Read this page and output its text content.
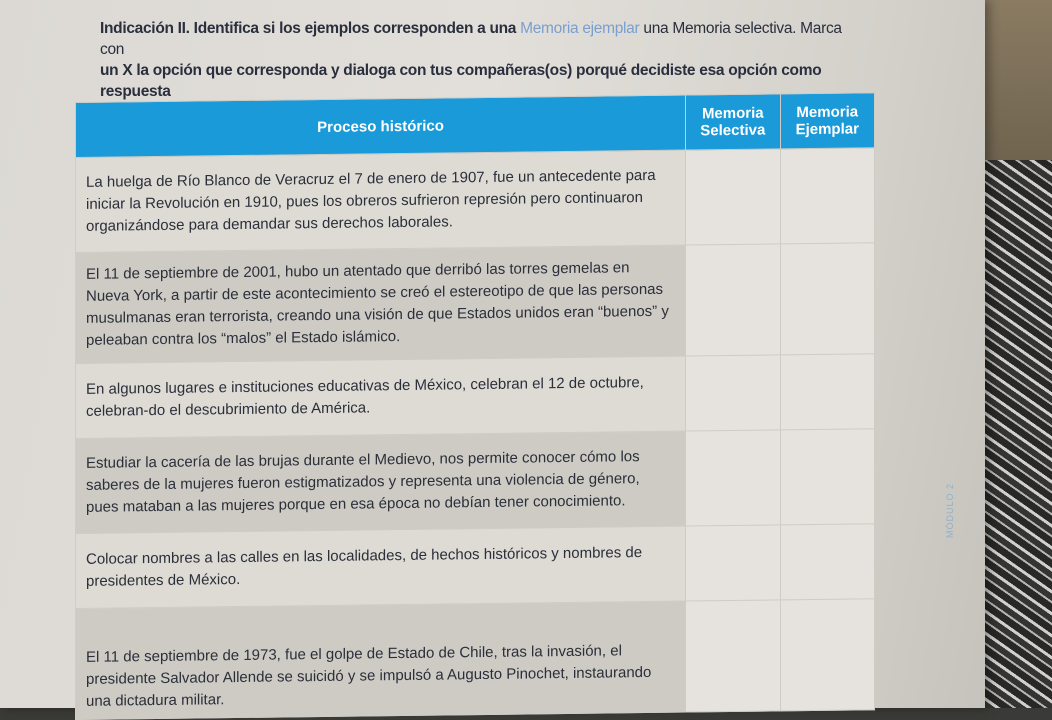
Indicación II. Identifica si los ejemplos corresponden a una Memoria ejemplar una Memoria selectiva. Marca con
un X la opción que corresponda y dialoga con tus compañeras(os) porqué decidiste esa opción como respuesta
Proceso histórico	Memoria Selectiva	Memoria Ejemplar
La huelga de Río Blanco de Veracruz el 7 de enero de 1907, fue un antecedente para iniciar la Revolución en 1910, pues los obreros sufrieron represión pero continuaron organizándose para demandar sus derechos laborales.		
El 11 de septiembre de 2001, hubo un atentado que derribó las torres gemelas en Nueva York, a partir de este acontecimiento se creó el estereotipo de que las personas musulmanas eran terrorista, creando una visión de que Estados unidos eran “buenos” y peleaban contra los “malos” el Estado islámico.		
En algunos lugares e instituciones educativas de México, celebran el 12 de octubre, celebran-do el descubrimiento de América.		
Estudiar la cacería de las brujas durante el Medievo, nos permite conocer cómo los saberes de la mujeres fueron estigmatizados y representa una violencia de género, pues mataban a las mujeres porque en esa época no debían tener conocimiento.		
Colocar nombres a las calles en las localidades, de hechos históricos y nombres de presidentes de México.		
El 11 de septiembre de 1973, fue el golpe de Estado de Chile, tras la invasión, el presidente Salvador Allende se suicidó y se impulsó a Augusto Pinochet, instaurando una dictadura militar.		
MÓDULO 2
